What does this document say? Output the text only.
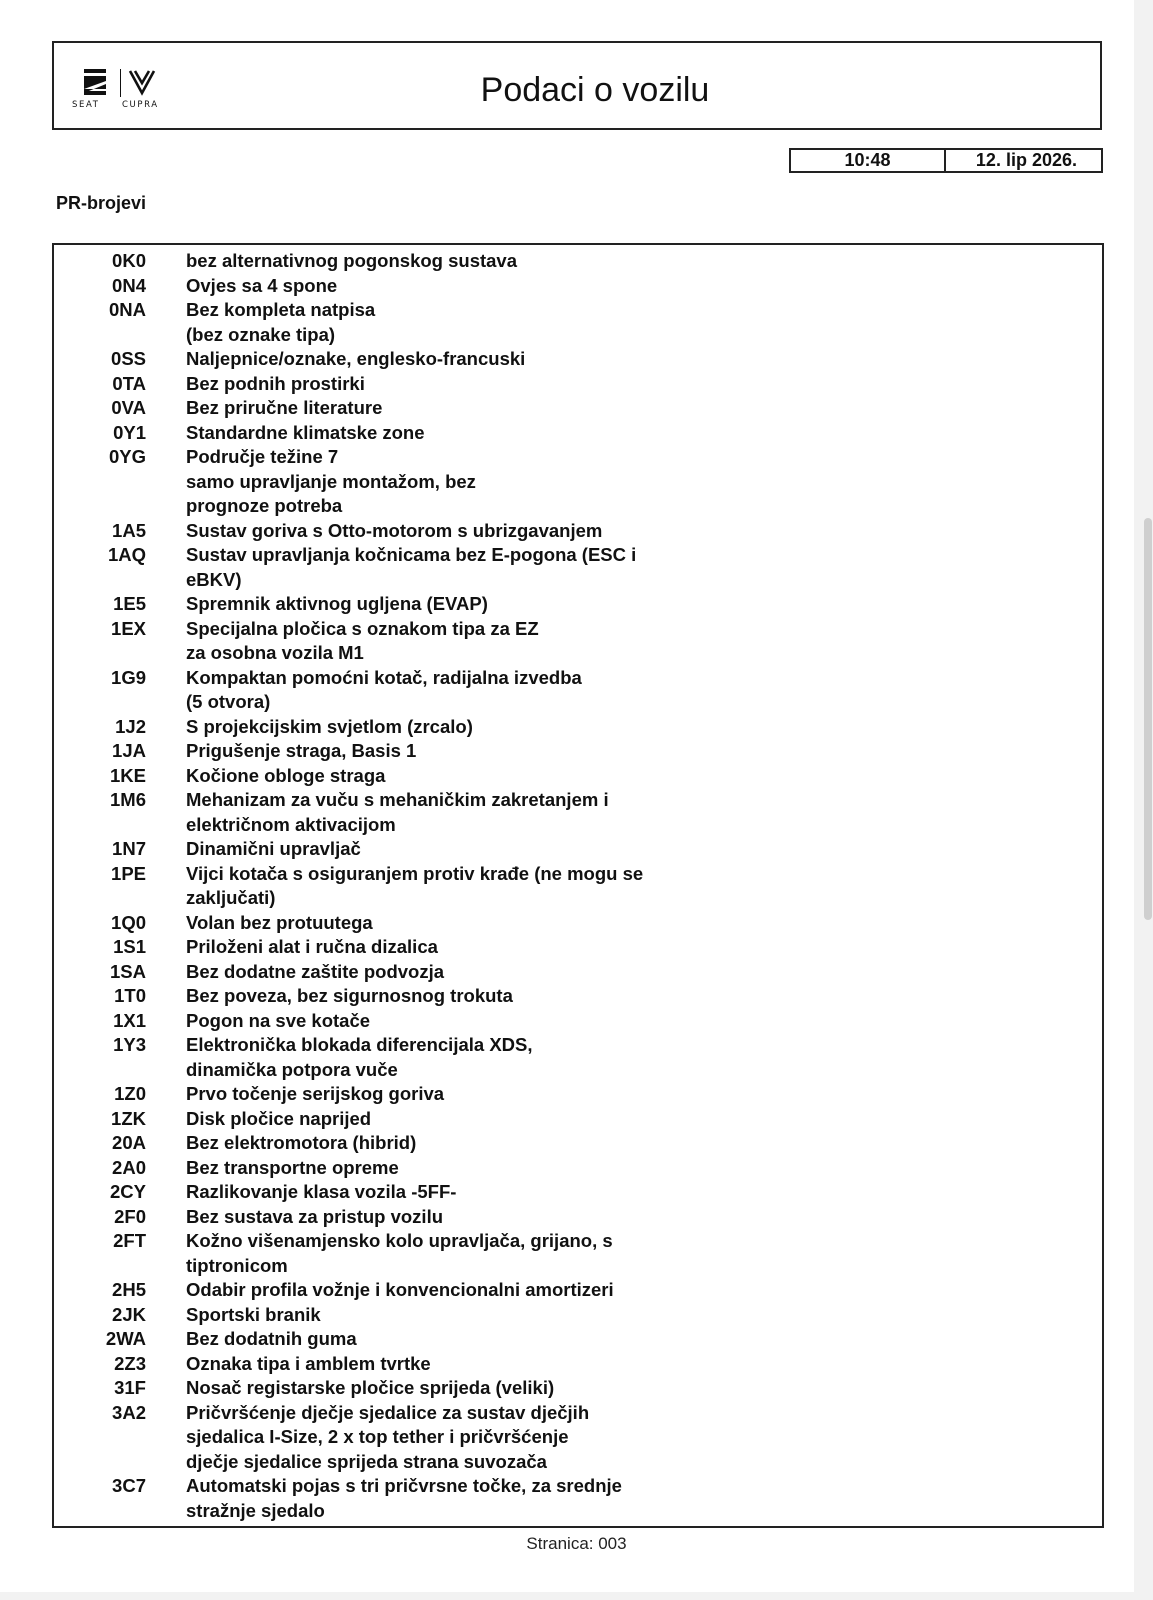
SEAT	CUPRA	Podaci o vozilu
10:48	12. lip 2026.
PR-brojevi
0K0 bez alternativnog pogonskog sustava
0N4 Ovjes sa 4 spone
0NA Bez kompleta natpisa
(bez oznake tipa)
0SS Naljepnice/oznake, englesko-francuski
0TA Bez podnih prostirki
0VA Bez priručne literature
0Y1 Standardne klimatske zone
0YG Područje težine 7
samo upravljanje montažom, bez
prognoze potreba
1A5 Sustav goriva s Otto-motorom s ubrizgavanjem
1AQ Sustav upravljanja kočnicama bez E-pogona (ESC i
eBKV)
1E5 Spremnik aktivnog ugljena (EVAP)
1EX Specijalna pločica s oznakom tipa za EZ
za osobna vozila M1
1G9 Kompaktan pomoćni kotač, radijalna izvedba
(5 otvora)
1J2 S projekcijskim svjetlom (zrcalo)
1JA Prigušenje straga, Basis 1
1KE Kočione obloge straga
1M6 Mehanizam za vuču s mehaničkim zakretanjem i
električnom aktivacijom
1N7 Dinamični upravljač
1PE Vijci kotača s osiguranjem protiv krađe (ne mogu se
zaključati)
1Q0 Volan bez protuutega
1S1 Priloženi alat i ručna dizalica
1SA Bez dodatne zaštite podvozja
1T0 Bez poveza, bez sigurnosnog trokuta
1X1 Pogon na sve kotače
1Y3 Elektronička blokada diferencijala XDS,
dinamička potpora vuče
1Z0 Prvo točenje serijskog goriva
1ZK Disk pločice naprijed
20A Bez elektromotora (hibrid)
2A0 Bez transportne opreme
2CY Razlikovanje klasa vozila -5FF-
2F0 Bez sustava za pristup vozilu
2FT Kožno višenamjensko kolo upravljača, grijano, s
tiptronicom
2H5 Odabir profila vožnje i konvencionalni amortizeri
2JK Sportski branik
2WA Bez dodatnih guma
2Z3 Oznaka tipa i amblem tvrtke
31F Nosač registarske pločice sprijeda (veliki)
3A2 Pričvršćenje dječje sjedalice za sustav dječjih
sjedalica I-Size, 2 x top tether i pričvršćenje
dječje sjedalice sprijeda strana suvozača
3C7 Automatski pojas s tri pričvrsne točke, za srednje
stražnje sjedalo
Stranica: 003
